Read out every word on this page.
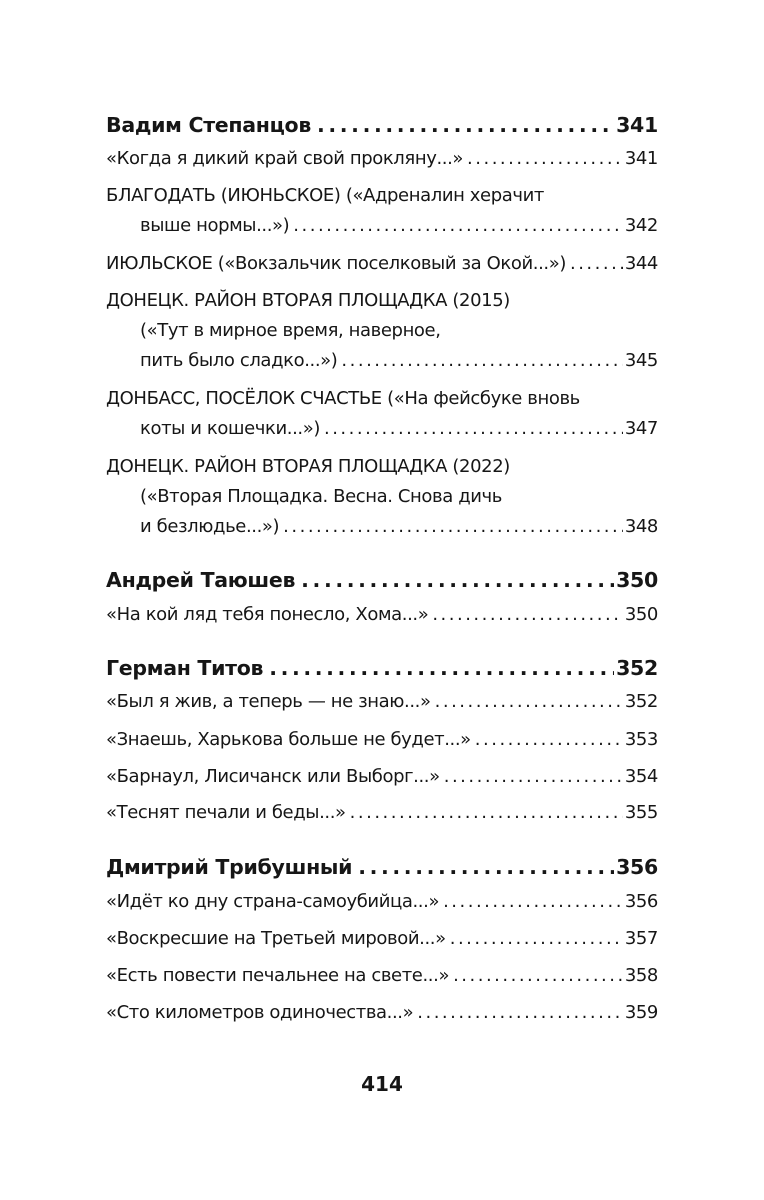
Вадим Степанцов .....	341
«Когда я дикий край свой прокляну...» .....	341
БЛАГОДАТЬ (ИЮНЬСКОЕ) («Адреналин херачит
выше нормы...») .....	342
ИЮЛЬСКОЕ («Вокзальчик поселковый за Окой...») .....	344
ДОНЕЦК. РАЙОН ВТОРАЯ ПЛОЩАДКА (2015)
(«Тут в мирное время, наверное,
пить было сладко...») .....	345
ДОНБАСС, ПОСЁЛОК СЧАСТЬЕ («На фейсбуке вновь
коты и кошечки...») .....	347
ДОНЕЦК. РАЙОН ВТОРАЯ ПЛОЩАДКА (2022)
(«Вторая Площадка. Весна. Снова дичь
и безлюдье...») .....	348
Андрей Таюшев .....	350
«На кой ляд тебя понесло, Хома...» .....	350
Герман Титов .....	352
«Был я жив, а теперь — не знаю...» .....	352
«Знаешь, Харькова больше не будет...» .....	353
«Барнаул, Лисичанск или Выборг...» .....	354
«Теснят печали и беды...» .....	355
Дмитрий Трибушный .....	356
«Идёт ко дну страна-самоубийца...» .....	356
«Воскресшие на Третьей мировой...» .....	357
«Есть повести печальнее на свете...» .....	358
«Сто километров одиночества...» .....	359
414
